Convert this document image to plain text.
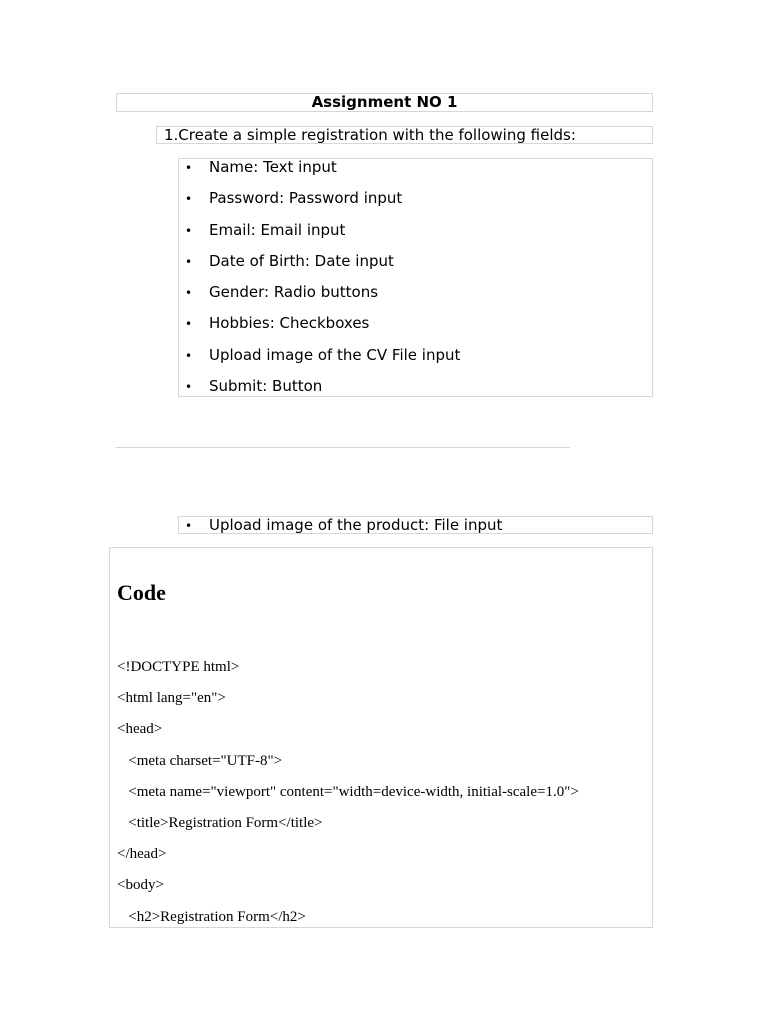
Assignment NO 1
1.Create a simple registration with the following fields:
• Name: Text input
• Password: Password input
• Email: Email input
• Date of Birth: Date input
• Gender: Radio buttons
• Hobbies: Checkboxes
• Upload image of the CV File input
• Submit: Button
• Upload image of the product: File input
Code
<!DOCTYPE html>
<html lang="en">
<head>
<meta charset="UTF-8">
<meta name="viewport" content="width=device-width, initial-scale=1.0">
<title>Registration Form</title>
</head>
<body>
<h2>Registration Form</h2>
